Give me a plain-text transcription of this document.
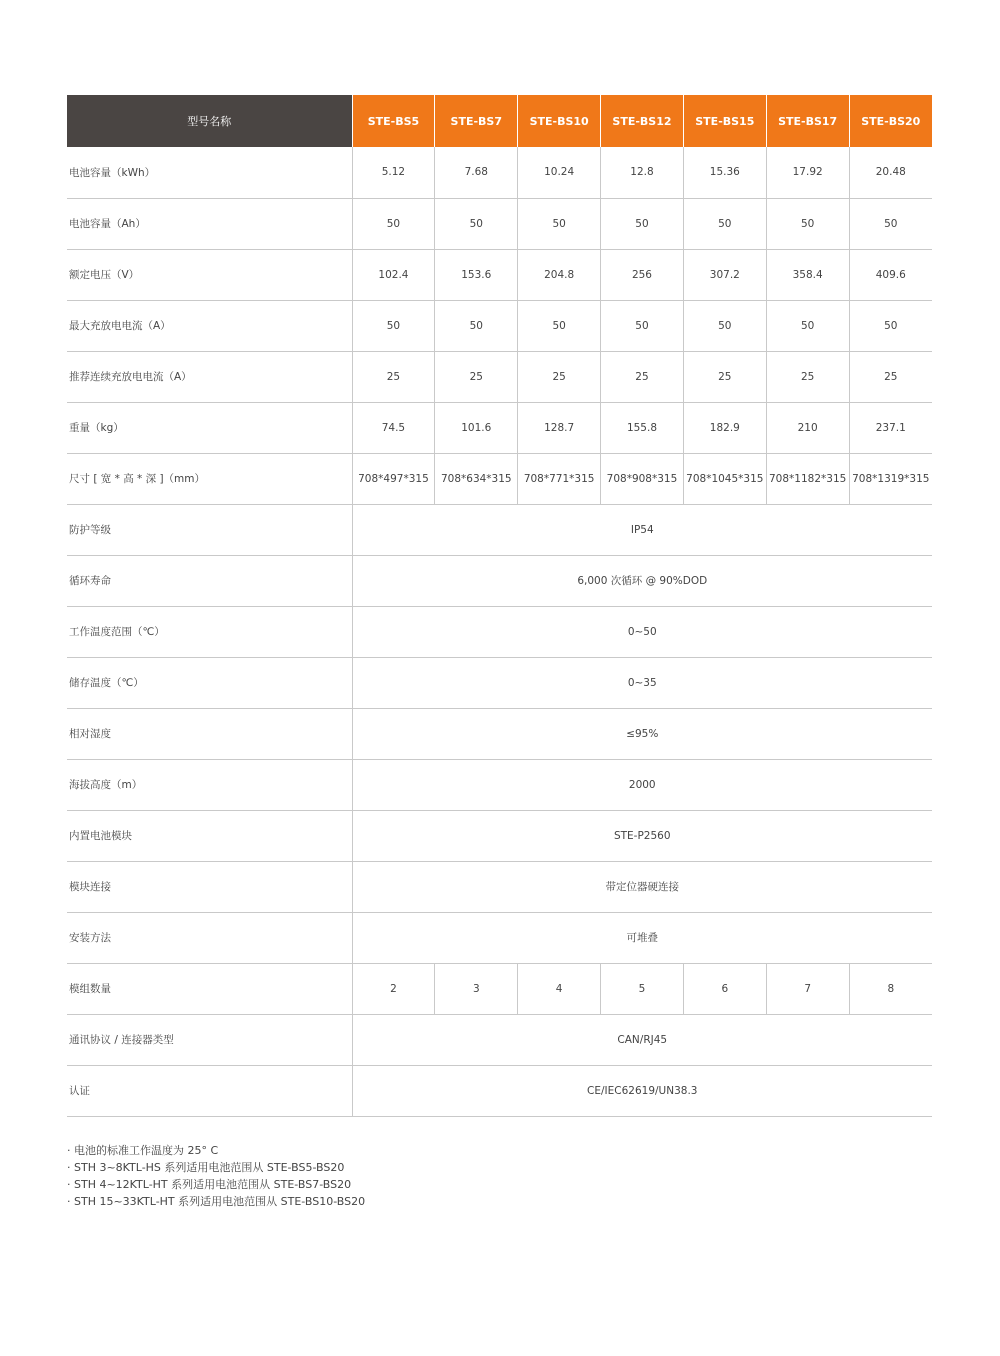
型号名称	STE-BS5	STE-BS7	STE-BS10	STE-BS12	STE-BS15	STE-BS17	STE-BS20
电池容量（kWh）	5.12	7.68	10.24	12.8	15.36	17.92	20.48
电池容量（Ah）	50	50	50	50	50	50	50
额定电压（V）	102.4	153.6	204.8	256	307.2	358.4	409.6
最大充放电电流（A）	50	50	50	50	50	50	50
推荐连续充放电电流（A）	25	25	25	25	25	25	25
重量（kg）	74.5	101.6	128.7	155.8	182.9	210	237.1
尺寸 [ 宽 * 高 * 深 ]（mm）	708*497*315	708*634*315	708*771*315	708*908*315	708*1045*315	708*1182*315	708*1319*315
防护等级	IP54						
循环寿命	6,000 次循环 @ 90%DOD						
工作温度范围（℃）	0~50						
储存温度（℃）	0~35						
相对湿度	≤95%						
海拔高度（m）	2000						
内置电池模块	STE-P2560						
模块连接	带定位器硬连接						
安装方法	可堆叠						
模组数量	2	3	4	5	6	7	8
通讯协议 / 连接器类型	CAN/RJ45						
认证	CE/IEC62619/UN38.3						
· 电池的标准工作温度为 25° C
· STH 3~8KTL-HS 系列适用电池范围从 STE-BS5-BS20
· STH 4~12KTL-HT 系列适用电池范围从 STE-BS7-BS20
· STH 15~33KTL-HT 系列适用电池范围从 STE-BS10-BS20
